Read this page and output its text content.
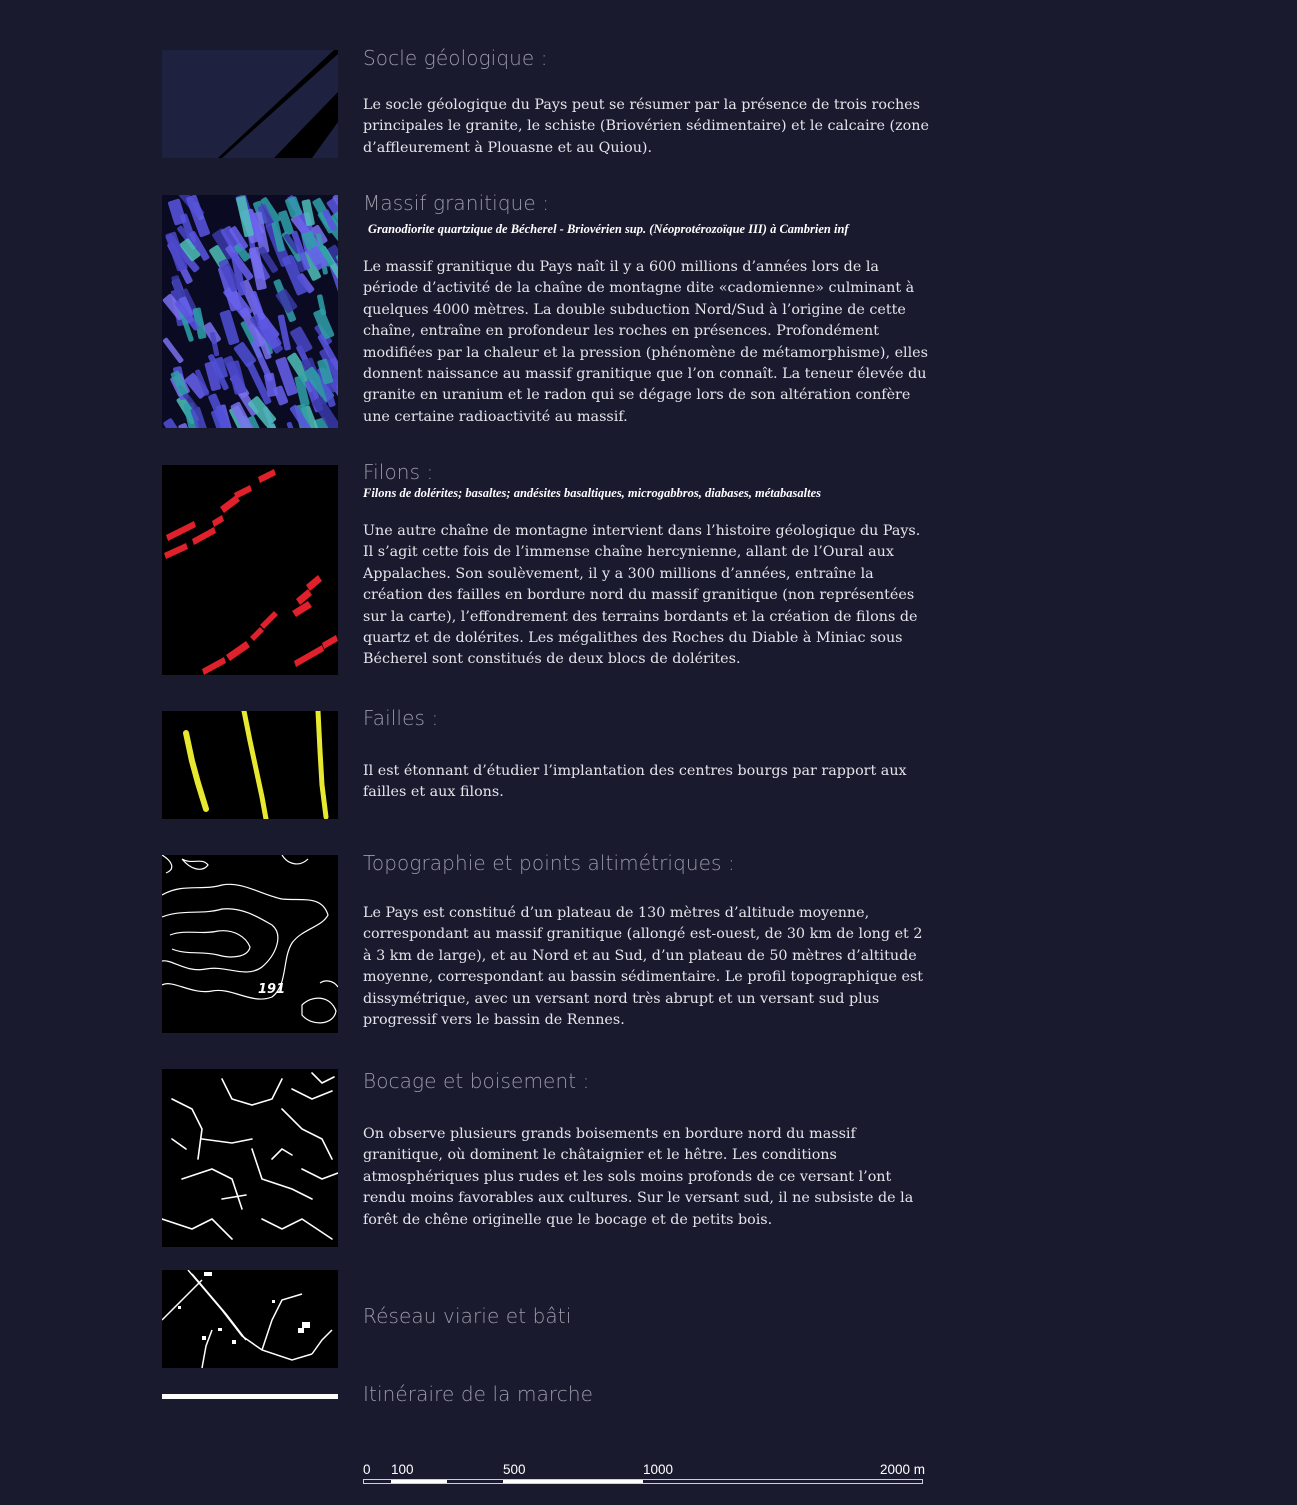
Socle géologique :

Le socle géologique du Pays peut se résumer par la présence de trois roches principales le granite, le schiste (Briovérien sédimentaire) et le calcaire (zone d’affleurement à Plouasne et au Quiou).

Massif granitique :

Granodiorite quartzique de Bécherel - Briovérien sup. (Néoprotérozoïque III) à Cambrien inf

Le massif granitique du Pays naît il y a 600 millions d’années lors de la période d’activité de la chaîne de montagne dite «cadomienne» culminant à quelques 4000 mètres. La double subduction Nord/Sud à l’origine de cette chaîne, entraîne en profondeur les roches en présences. Profondément modifiées par la chaleur et la pression (phénomène de métamorphisme), elles donnent naissance au massif granitique que l’on connaît. La teneur élevée du granite en uranium et le radon qui se dégage lors de son altération confère une certaine radioactivité au massif.

Filons :

Filons de dolérites; basaltes; andésites basaltiques, microgabbros, diabases, métabasaltes

Une autre chaîne de montagne intervient dans l’histoire géologique du Pays. Il s’agit cette fois de l’immense chaîne hercynienne, allant de l’Oural aux Appalaches. Son soulèvement, il y a 300 millions d’années, entraîne la création des failles en bordure nord du massif granitique (non représentées sur la carte), l’effondrement des terrains bordants et la création de filons de quartz et de dolérites. Les mégalithes des Roches du Diable à Miniac sous Bécherel sont constitués de deux blocs de dolérites.

Failles :

Il est étonnant d’étudier l’implantation des centres bourgs par rapport aux failles et aux filons.

191
Topographie et points altimétriques :

Le Pays est constitué d’un plateau de 130 mètres d’altitude moyenne, correspondant au massif granitique (allongé est-ouest, de 30 km de long et 2 à 3 km de large), et au Nord et au Sud, d’un plateau de 50 mètres d’altitude moyenne, correspondant au bassin sédimentaire. Le profil topographique est dissymétrique, avec un versant nord très abrupt et un versant sud plus progressif vers le bassin de Rennes.

Bocage et boisement :

On observe plusieurs grands boisements en bordure nord du massif granitique, où dominent le châtaignier et le hêtre. Les conditions atmosphériques plus rudes et les sols moins profonds de ce versant l’ont rendu moins favorables aux cultures. Sur le versant sud, il ne subsiste de la forêt de chêne originelle que le bocage et de petits bois.

Réseau viarie et bâti
Itinéraire de la marche
0 100	500	1000	2000 m
